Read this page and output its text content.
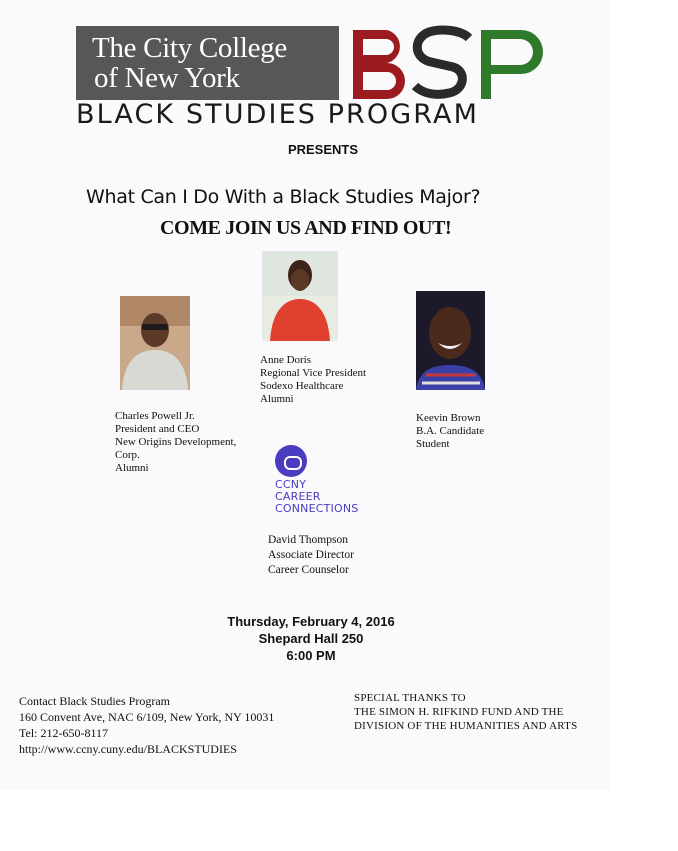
The City College
of New York
BLACK STUDIES PROGRAM
PRESENTS
What Can I Do With a Black Studies Major?
COME JOIN US AND FIND OUT!
Anne Doris
Regional Vice President
Sodexo Healthcare
Alumni
Charles Powell Jr.
President and CEO
New Origins Development,
Corp.
Alumni
Keevin Brown
B.A. Candidate
Student
CCNY
CAREER
CONNECTIONS
David Thompson
Associate Director
Career Counselor
Thursday, February 4, 2016
Shepard Hall 250
6:00 PM
Contact Black Studies Program
160 Convent Ave, NAC 6/109, New York, NY 10031
Tel: 212-650-8117
http://www.ccny.cuny.edu/BLACKSTUDIES
SPECIAL THANKS TO
THE SIMON H. RIFKIND FUND AND THE
DIVISION OF THE HUMANITIES AND ARTS
